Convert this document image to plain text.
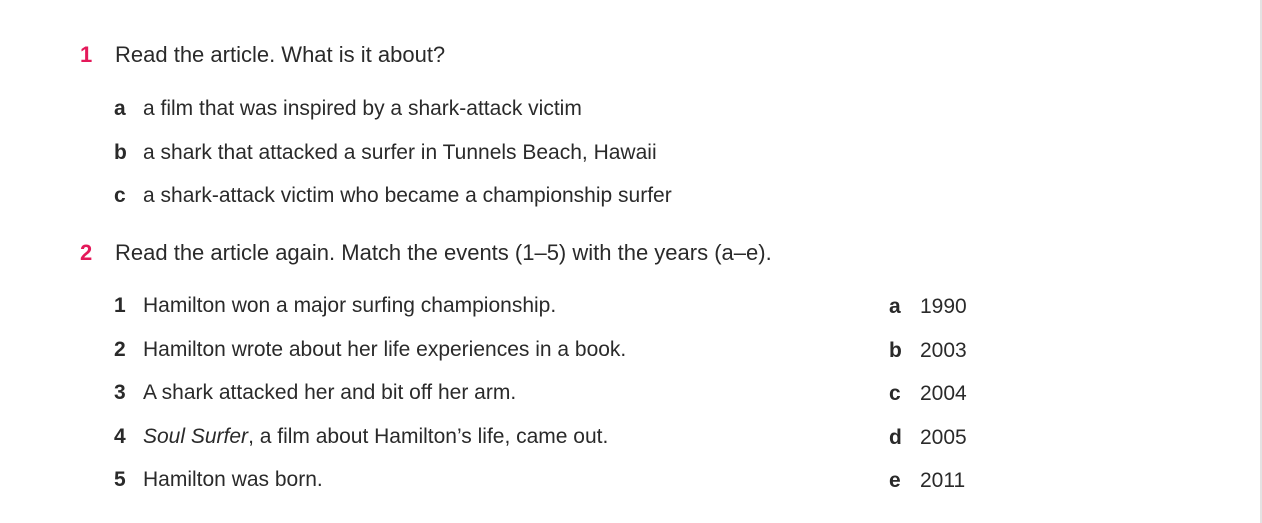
1 Read the article. What is it about?
a a film that was inspired by a shark-attack victim
b a shark that attacked a surfer in Tunnels Beach, Hawaii
c a shark-attack victim who became a championship surfer
2 Read the article again. Match the events (1–5) with the years (a–e).
1 Hamilton won a major surfing championship.
2 Hamilton wrote about her life experiences in a book.
3 A shark attacked her and bit off her arm.
4 Soul Surfer, a film about Hamilton’s life, came out.
5 Hamilton was born.
a 1990
b 2003
c 2004
d 2005
e 2011
